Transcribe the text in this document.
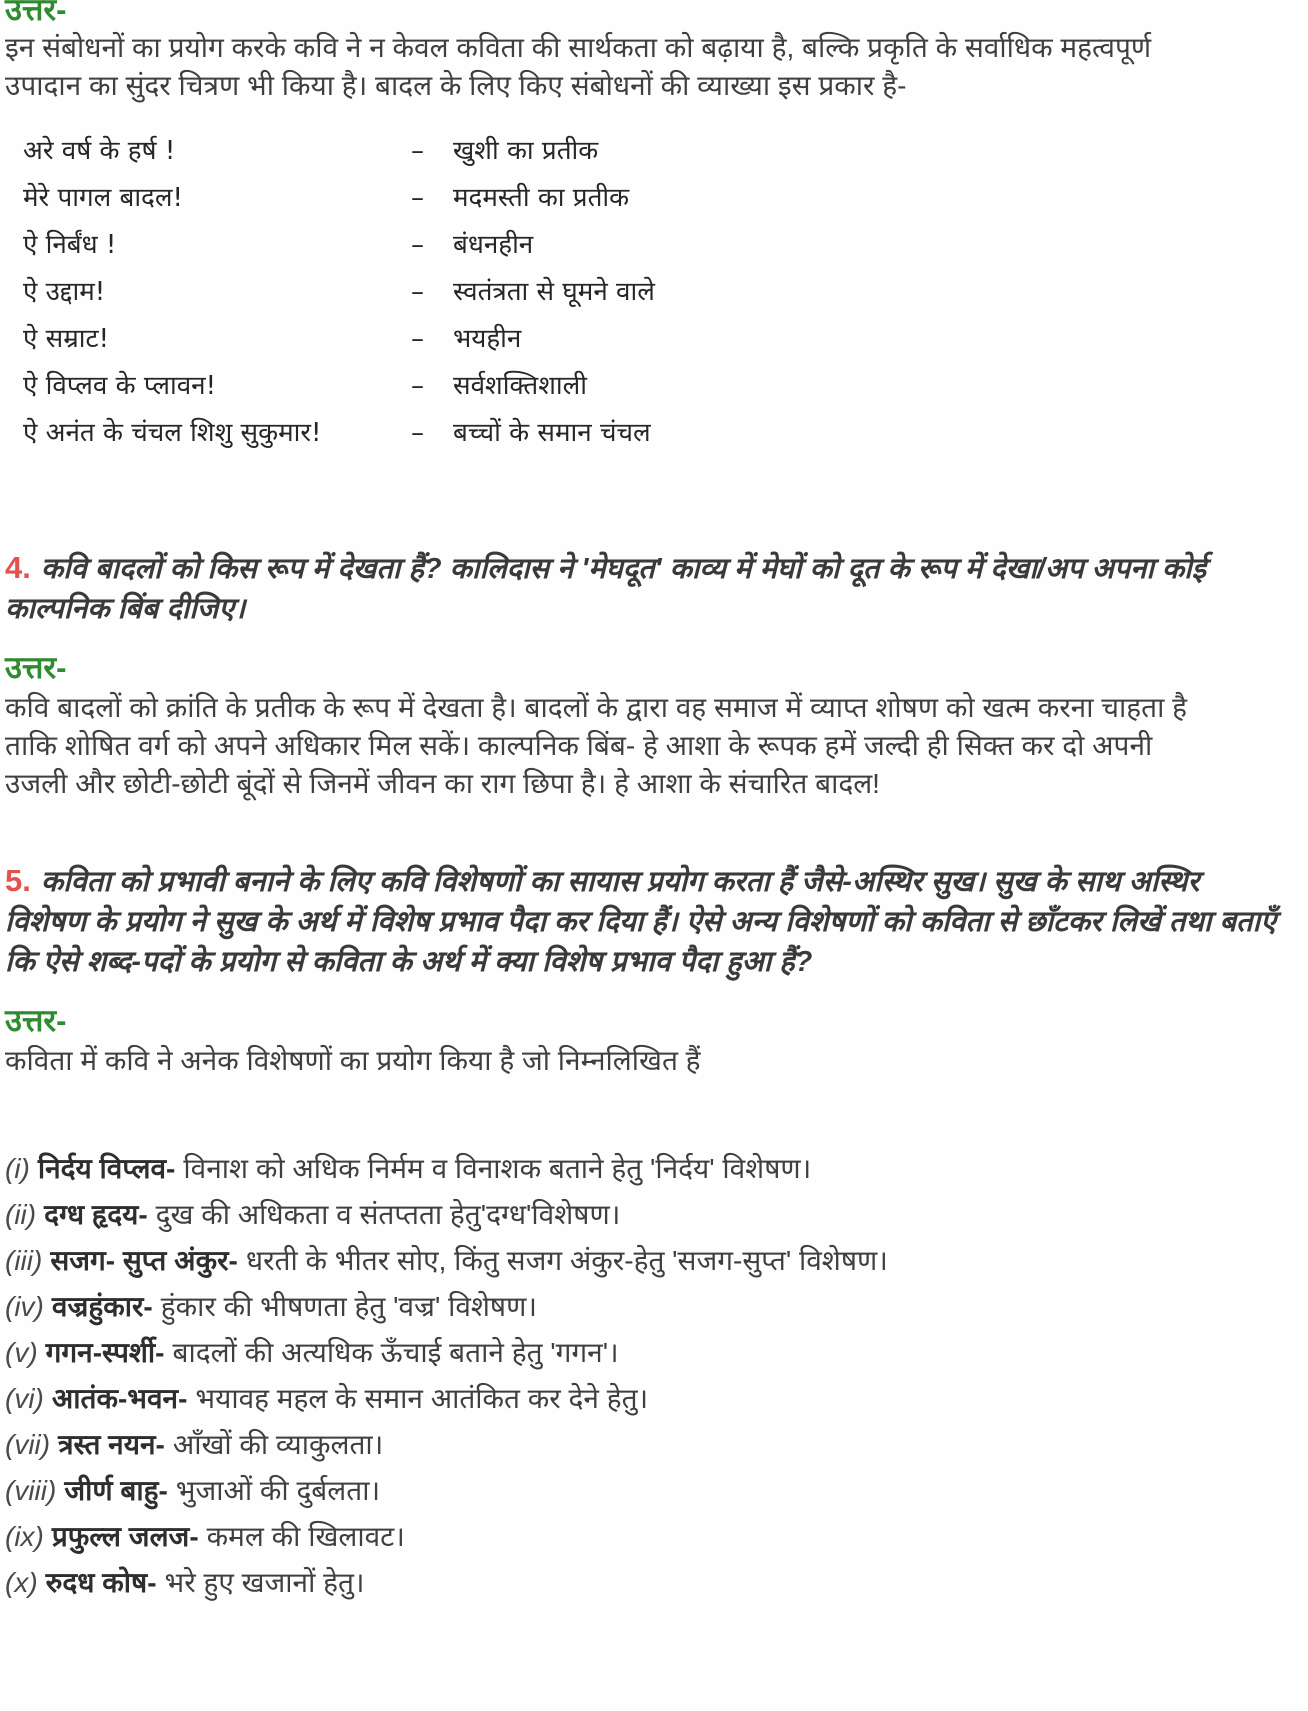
उत्तर-

इन संबोधनों का प्रयोग करके कवि ने न केवल कविता की सार्थकता को बढ़ाया है, बल्कि प्रकृति के सर्वाधिक महत्वपूर्ण उपादान का सुंदर चित्रण भी किया है। बादल के लिए किए संबोधनों की व्याख्या इस प्रकार है-

अरे वर्ष के हर्ष !	–	खुशी का प्रतीक
मेरे पागल बादल!	–	मदमस्ती का प्रतीक
ऐ निर्बंध !	–	बंधनहीन
ऐ उद्दाम!	–	स्वतंत्रता से घूमने वाले
ऐ सम्राट!	–	भयहीन
ऐ विप्लव के प्लावन!	–	सर्वशक्तिशाली
ऐ अनंत के चंचल शिशु सुकुमार!	–	बच्चों के समान चंचल
4. कवि बादलों को किस रूप में देखता हैं? कालिदास ने 'मेघदूत' काव्य में मेघों को दूत के रूप में देखा/अप अपना कोई काल्पनिक बिंब दीजिए।
उत्तर-

कवि बादलों को क्रांति के प्रतीक के रूप में देखता है। बादलों के द्वारा वह समाज में व्याप्त शोषण को खत्म करना चाहता है ताकि शोषित वर्ग को अपने अधिकार मिल सकें। काल्पनिक बिंब- हे आशा के रूपक हमें जल्दी ही सिक्त कर दो अपनी उजली और छोटी-छोटी बूंदों से जिनमें जीवन का राग छिपा है। हे आशा के संचारित बादल!

5. कविता को प्रभावी बनाने के लिए कवि विशेषणों का सायास प्रयोग करता हैं जैसे-अस्थिर सुख। सुख के साथ अस्थिर विशेषण के प्रयोग ने सुख के अर्थ में विशेष प्रभाव पैदा कर दिया हैं। ऐसे अन्य विशेषणों को कविता से छाँटकर लिखें तथा बताएँ कि ऐसे शब्द-पदों के प्रयोग से कविता के अर्थ में क्या विशेष प्रभाव पैदा हुआ हैं?
उत्तर-

कविता में कवि ने अनेक विशेषणों का प्रयोग किया है जो निम्नलिखित हैं

(i) निर्दय विप्लव- विनाश को अधिक निर्मम व विनाशक बताने हेतु 'निर्दय' विशेषण।
(ii) दग्ध हृदय- दुख की अधिकता व संतप्तता हेतु'दग्ध'विशेषण।
(iii) सजग- सुप्त अंकुर- धरती के भीतर सोए, किंतु सजग अंकुर-हेतु 'सजग-सुप्त' विशेषण।
(iv) वज्रहुंकार- हुंकार की भीषणता हेतु 'वज्र' विशेषण।
(v) गगन-स्पर्शी- बादलों की अत्यधिक ऊँचाई बताने हेतु 'गगन'।
(vi) आतंक-भवन- भयावह महल के समान आतंकित कर देने हेतु।
(vii) त्रस्त नयन- आँखों की व्याकुलता।
(viii) जीर्ण बाहु- भुजाओं की दुर्बलता।
(ix) प्रफुल्ल जलज- कमल की खिलावट।
(x) रुदध कोष- भरे हुए खजानों हेतु।
